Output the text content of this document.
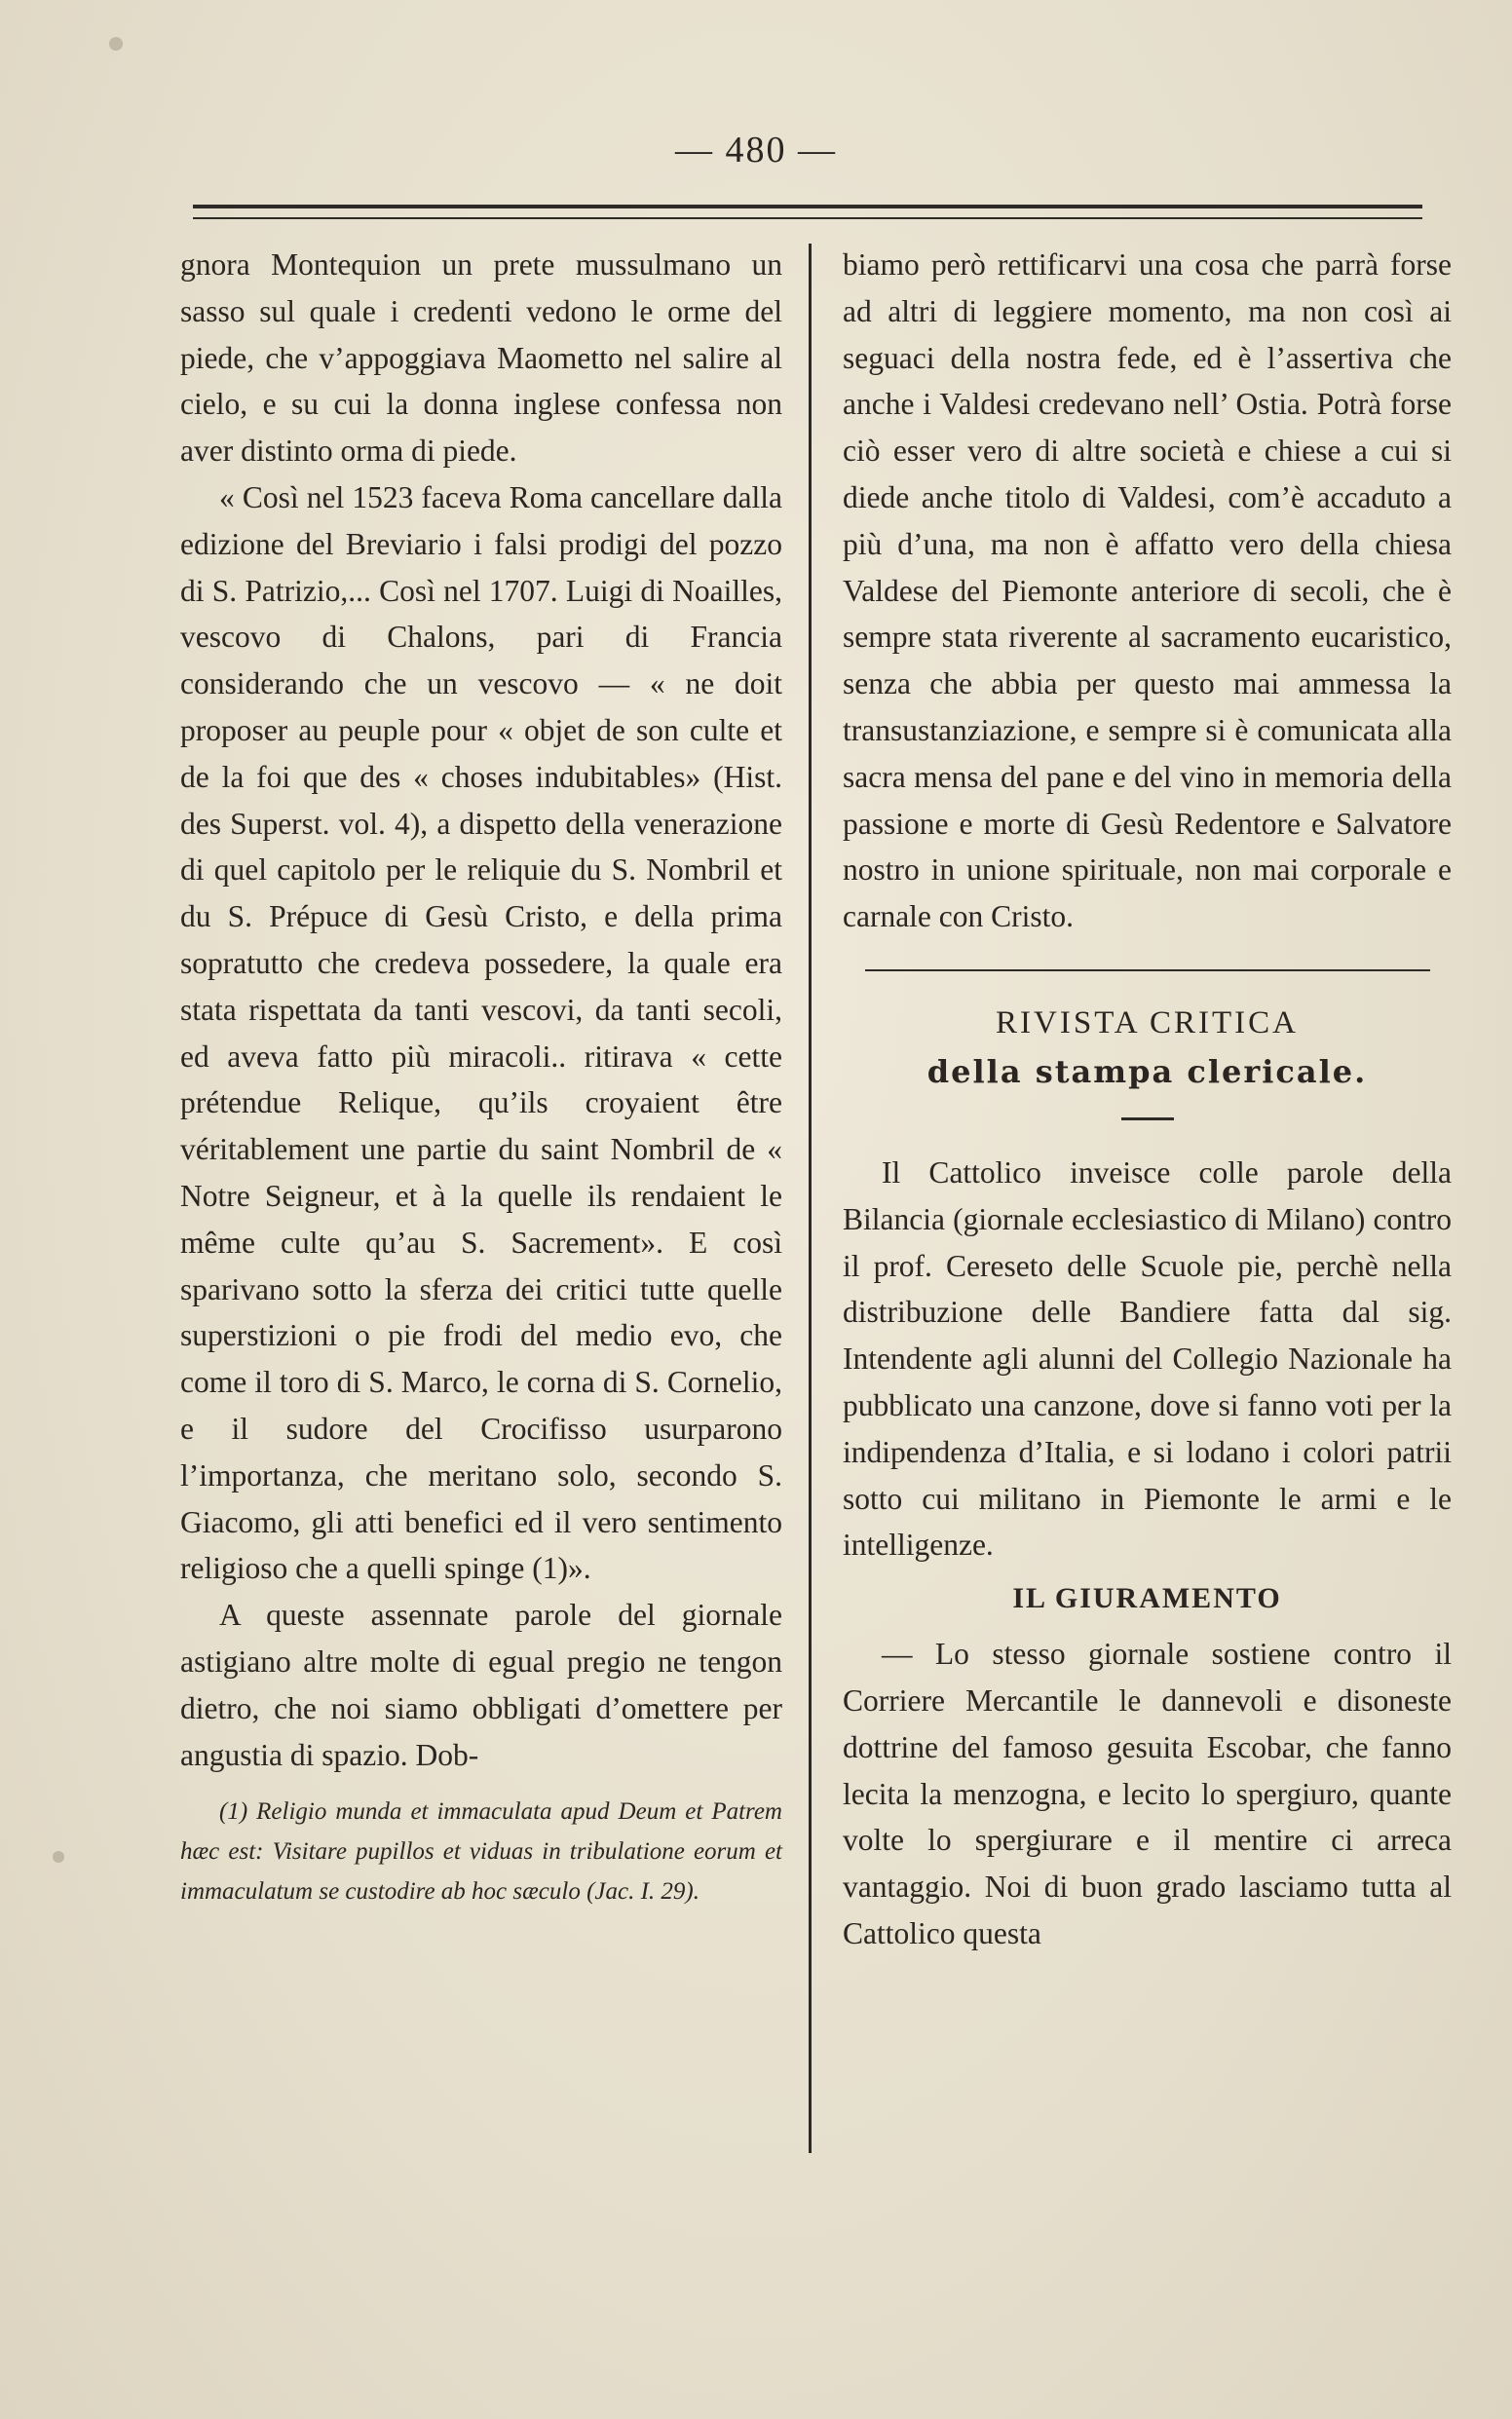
— 480 —

gnora Montequion un prete mussulmano un sasso sul quale i credenti vedono le orme del piede, che v’appoggiava Maometto nel salire al cielo, e su cui la donna inglese confessa non aver distinto orma di piede.

« Così nel 1523 faceva Roma cancellare dalla edizione del Breviario i falsi prodigi del pozzo di S. Patrizio,... Così nel 1707. Luigi di Noailles, vescovo di Chalons, pari di Francia considerando che un vescovo — « ne doit proposer au peuple pour « objet de son culte et de la foi que des « choses indubitables» (Hist. des Superst. vol. 4), a dispetto della venerazione di quel capitolo per le reliquie du S. Nombril et du S. Prépuce di Gesù Cristo, e della prima sopratutto che credeva possedere, la quale era stata rispettata da tanti vescovi, da tanti secoli, ed aveva fatto più miracoli.. ritirava « cette prétendue Relique, qu’ils croyaient être véritablement une partie du saint Nombril de « Notre Seigneur, et à la quelle ils rendaient le même culte qu’au S. Sacrement». E così sparivano sotto la sferza dei critici tutte quelle superstizioni o pie frodi del medio evo, che come il toro di S. Marco, le corna di S. Cornelio, e il sudore del Crocifisso usurparono l’importanza, che meritano solo, secondo S. Giacomo, gli atti benefici ed il vero sentimento religioso che a quelli spinge (1)».

A queste assennate parole del giornale astigiano altre molte di egual pregio ne tengon dietro, che noi siamo obbligati d’omettere per angustia di spazio. Dob-

(1) Religio munda et immaculata apud Deum et Patrem hæc est: Visitare pupillos et viduas in tribulatione eorum et immaculatum se custodire ab hoc sæculo (Jac. I. 29).

biamo però rettificarvi una cosa che parrà forse ad altri di leggiere momento, ma non così ai seguaci della nostra fede, ed è l’assertiva che anche i Valdesi credevano nell’ Ostia. Potrà forse ciò esser vero di altre società e chiese a cui si diede anche titolo di Valdesi, com’è accaduto a più d’una, ma non è affatto vero della chiesa Valdese del Piemonte anteriore di secoli, che è sempre stata riverente al sacramento eucaristico, senza che abbia per questo mai ammessa la transustanziazione, e sempre si è comunicata alla sacra mensa del pane e del vino in memoria della passione e morte di Gesù Redentore e Salvatore nostro in unione spirituale, non mai corporale e carnale con Cristo.

RIVISTA CRITICA
della stampa clericale.

Il Cattolico inveisce colle parole della Bilancia (giornale ecclesiastico di Milano) contro il prof. Cereseto delle Scuole pie, perchè nella distribuzione delle Bandiere fatta dal sig. Intendente agli alunni del Collegio Nazionale ha pubblicato una canzone, dove si fanno voti per la indipendenza d’Italia, e si lodano i colori patrii sotto cui militano in Piemonte le armi e le intelligenze.

IL GIURAMENTO

— Lo stesso giornale sostiene contro il Corriere Mercantile le dannevoli e disoneste dottrine del famoso gesuita Escobar, che fanno lecita la menzogna, e lecito lo spergiuro, quante volte lo spergiurare e il mentire ci arreca vantaggio. Noi di buon grado lasciamo tutta al Cattolico questa
